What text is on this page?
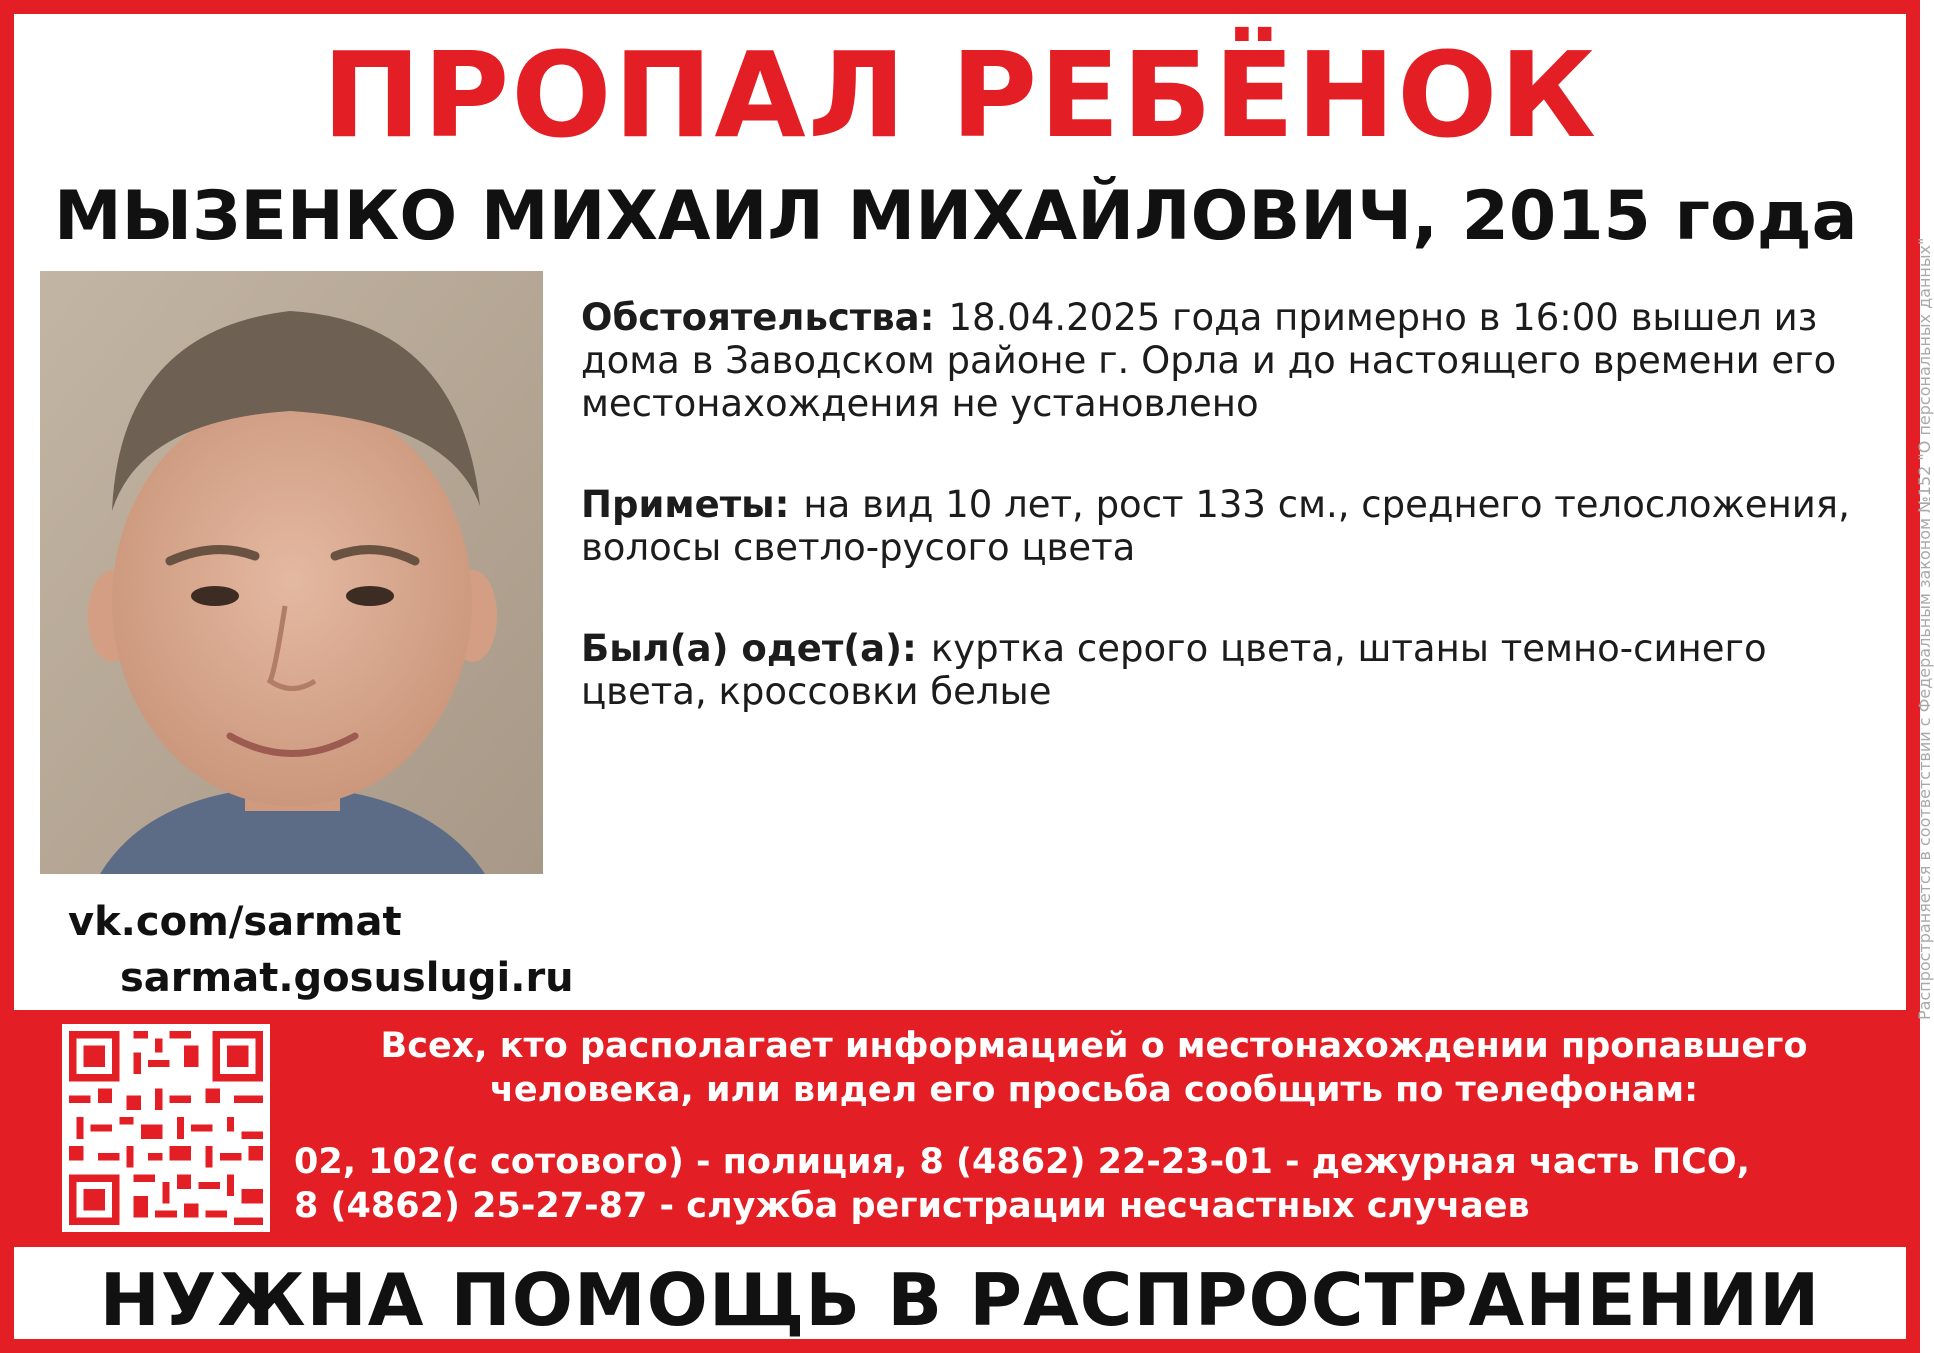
ПРОПАЛ РЕБЁНОК
МЫЗЕНКО МИХАИЛ МИХАЙЛОВИЧ, 2015 года

Обстоятельства: 18.04.2025 года примерно в 16:00 вышел из дома в Заводском районе г. Орла и до настоящего времени его местонахождения не установлено

Приметы: на вид 10 лет, рост 133 см., среднего телосложения, волосы светло-русого цвета

Был(а) одет(а): куртка серого цвета, штаны темно-синего цвета, кроссовки белые

vk.com/sarmat
sarmat.gosuslugi.ru	Распространяется в соответствии с Федеральным законом №152 "О персональных данных"
Всех, кто располагает информацией о местонахождении пропавшего
человека, или видел его просьба сообщить по телефонам:
02, 102(с сотового) - полиция, 8 (4862) 22-23-01 - дежурная часть ПСО,
8 (4862) 25-27-87 - служба регистрации несчастных случаев
НУЖНА ПОМОЩЬ В РАСПРОСТРАНЕНИИ
